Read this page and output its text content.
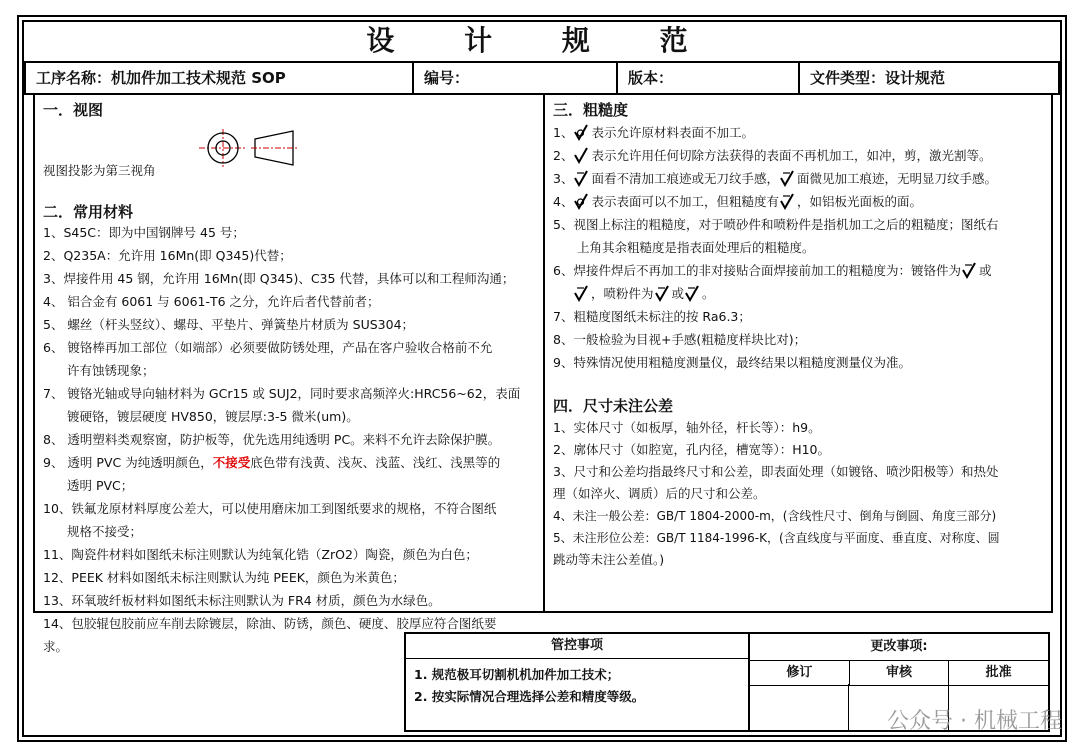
设 计 规 范
工序名称：机加件加工技术规范 SOP	编号：	版本：	文件类型：设计规范
一．视图
视图投影为第三视角
二．常用材料
1、S45C：即为中国钢牌号 45 号；
2、Q235A：允许用 16Mn(即 Q345)代替；
3、焊接件用 45 钢，允许用 16Mn(即 Q345)、C35 代替，具体可以和工程师沟通；
4、 铝合金有 6061 与 6061-T6 之分，允许后者代替前者；
5、 螺丝（杆头竖纹）、螺母、平垫片、弹簧垫片材质为 SUS304；
6、 镀铬棒再加工部位（如端部）必须要做防锈处理，产品在客户验收合格前不允
许有蚀锈现象；
7、 镀铬光轴或导向轴材料为 GCr15 或 SUJ2，同时要求高频淬火:HRC56~62，表面
镀硬铬，镀层硬度 HV850，镀层厚:3-5 微米(um)。
8、 透明塑料类观察窗，防护板等，优先选用纯透明 PC。来料不允许去除保护膜。
9、 透明 PVC 为纯透明颜色，不接受底色带有浅黄、浅灰、浅蓝、浅红、浅黑等的
透明 PVC；
10、铁氟龙原材料厚度公差大，可以使用磨床加工到图纸要求的规格，不符合图纸
规格不接受；
11、陶瓷件材料如图纸未标注则默认为纯氧化锆（ZrO2）陶瓷，颜色为白色；
12、PEEK 材料如图纸未标注则默认为纯 PEEK，颜色为米黄色；
13、环氧玻纤板材料如图纸未标注则默认为 FR4 材质，颜色为水绿色。
14、包胶辊包胶前应车削去除镀层，除油、防锈，颜色、硬度、胶厚应符合图纸要
求。
三．粗糙度
1、 表示允许原材料表面不加工。
2、 表示允许用任何切除方法获得的表面不再机加工，如冲，剪，激光割等。
3、 面看不清加工痕迹或无刀纹手感， 面微见加工痕迹，无明显刀纹手感。
4、 表示表面可以不加工，但粗糙度有 ，如铝板光面板的面。
5、视图上标注的粗糙度，对于喷砂件和喷粉件是指机加工之后的粗糙度；图纸右
上角其余粗糙度是指表面处理后的粗糙度。
6、焊接件焊后不再加工的非对接贴合面焊接前加工的粗糙度为：镀铬件为 或
，喷粉件为 或 。
7、粗糙度图纸未标注的按 Ra6.3；
8、一般检验为目视+手感(粗糙度样块比对)；
9、特殊情况使用粗糙度测量仪，最终结果以粗糙度测量仪为准。
四．尺寸未注公差
1、实体尺寸（如板厚，轴外径，杆长等）：h9。
2、廓体尺寸（如腔宽，孔内径，槽宽等）：H10。
3、尺寸和公差均指最终尺寸和公差，即表面处理（如镀铬、喷沙阳极等）和热处
理（如淬火、调质）后的尺寸和公差。
4、未注一般公差：GB/T 1804-2000-m，(含线性尺寸、倒角与倒圆、角度三部分)
5、未注形位公差：GB/T 1184-1996-K，(含直线度与平面度、垂直度、对称度、圆
跳动等未注公差值。)
管控事项
1. 规范极耳切割机机加件加工技术；
2. 按实际情况合理选择公差和精度等级。
更改事项:
修订	审核	批准
公众号 · 机械工程
